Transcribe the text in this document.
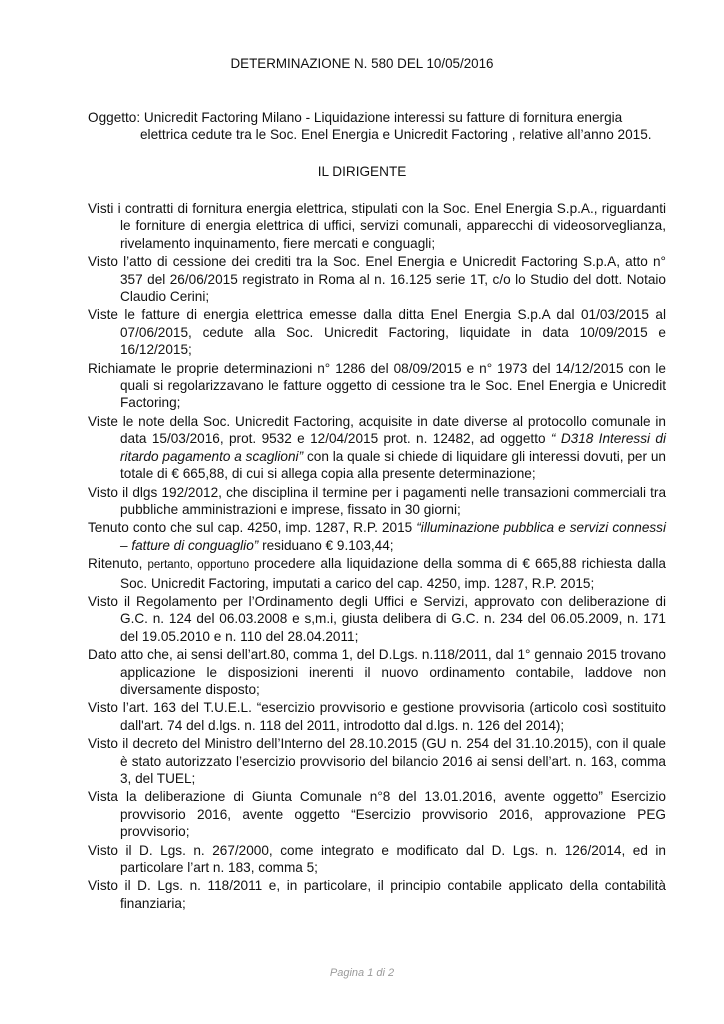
DETERMINAZIONE N. 580 DEL 10/05/2016
Oggetto: Unicredit Factoring Milano - Liquidazione interessi su fatture di fornitura energia
elettrica cedute tra le Soc. Enel Energia e Unicredit Factoring , relative all’anno 2015.
IL DIRIGENTE

Visti i contratti di fornitura energia elettrica, stipulati con la Soc. Enel Energia S.p.A., riguardanti le forniture di energia elettrica di uffici, servizi comunali, apparecchi di videosorveglianza, rivelamento inquinamento, fiere mercati e conguagli;

Visto l’atto di cessione dei crediti tra la Soc. Enel Energia e Unicredit Factoring S.p.A, atto n° 357 del 26/06/2015 registrato in Roma al n. 16.125 serie 1T, c/o lo Studio del dott. Notaio Claudio Cerini;

Viste le fatture di energia elettrica emesse dalla ditta Enel Energia S.p.A dal 01/03/2015 al 07/06/2015, cedute alla Soc. Unicredit Factoring, liquidate in data 10/09/2015 e 16/12/2015;

Richiamate le proprie determinazioni n° 1286 del 08/09/2015 e n° 1973 del 14/12/2015 con le quali si regolarizzavano le fatture oggetto di cessione tra le Soc. Enel Energia e Unicredit Factoring;

Viste le note della Soc. Unicredit Factoring, acquisite in date diverse al protocollo comunale in data 15/03/2016, prot. 9532 e 12/04/2015 prot. n. 12482, ad oggetto “ D318 Interessi di ritardo pagamento a scaglioni” con la quale si chiede di liquidare gli interessi dovuti, per un totale di € 665,88, di cui si allega copia alla presente determinazione;

Visto il dlgs 192/2012, che disciplina il termine per i pagamenti nelle transazioni commerciali tra pubbliche amministrazioni e imprese, fissato in 30 giorni;

Tenuto conto che sul cap. 4250, imp. 1287, R.P. 2015 “illuminazione pubblica e servizi connessi – fatture di conguaglio” residuano € 9.103,44;

Ritenuto, pertanto, opportuno procedere alla liquidazione della somma di € 665,88 richiesta dalla Soc. Unicredit Factoring, imputati a carico del cap. 4250, imp. 1287, R.P. 2015;

Visto il Regolamento per l’Ordinamento degli Uffici e Servizi, approvato con deliberazione di G.C. n. 124 del 06.03.2008 e s,m.i, giusta delibera di G.C. n. 234 del 06.05.2009, n. 171 del 19.05.2010 e n. 110 del 28.04.2011;

Dato atto che, ai sensi dell’art.80, comma 1, del D.Lgs. n.118/2011, dal 1° gennaio 2015 trovano applicazione le disposizioni inerenti il nuovo ordinamento contabile, laddove non diversamente disposto;

Visto l’art. 163 del T.U.E.L. “esercizio provvisorio e gestione provvisoria (articolo così sostituito dall'art. 74 del d.lgs. n. 118 del 2011, introdotto dal d.lgs. n. 126 del 2014);

Visto il decreto del Ministro dell’Interno del 28.10.2015 (GU n. 254 del 31.10.2015), con il quale è stato autorizzato l’esercizio provvisorio del bilancio 2016 ai sensi dell’art. n. 163, comma 3, del TUEL;

Vista la deliberazione di Giunta Comunale n°8 del 13.01.2016, avente oggetto” Esercizio provvisorio 2016, avente oggetto “Esercizio provvisorio 2016, approvazione PEG provvisorio;

Visto il D. Lgs. n. 267/2000, come integrato e modificato dal D. Lgs. n. 126/2014, ed in particolare l’art n. 183, comma 5;

Visto il D. Lgs. n. 118/2011 e, in particolare, il principio contabile applicato della contabilità finanziaria;

Pagina 1 di 2
